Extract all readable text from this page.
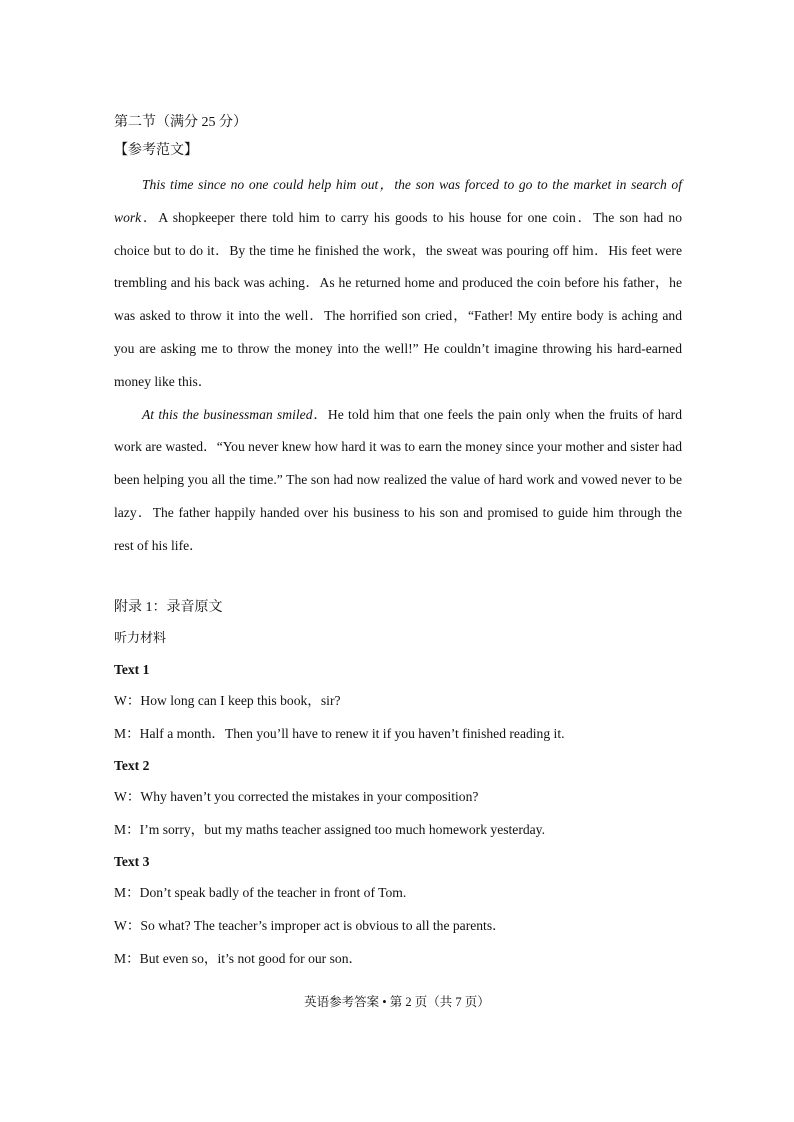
第二节（满分 25 分）
【参考范文】

This time since no one could help him out，the son was forced to go to the market in search of work．A shopkeeper there told him to carry his goods to his house for one coin．The son had no choice but to do it．By the time he finished the work，the sweat was pouring off him．His feet were trembling and his back was aching．As he returned home and produced the coin before his father，he was asked to throw it into the well．The horrified son cried，“Father! My entire body is aching and you are asking me to throw the money into the well!” He couldn’t imagine throwing his hard-earned money like this．

At this the businessman smiled．He told him that one feels the pain only when the fruits of hard work are wasted．“You never knew how hard it was to earn the money since your mother and sister had been helping you all the time.” The son had now realized the value of hard work and vowed never to be lazy．The father happily handed over his business to his son and promised to guide him through the rest of his life．

附录 1：录音原文
听力材料
Text 1
W：How long can I keep this book，sir?
M：Half a month．Then you’ll have to renew it if you haven’t finished reading it.
Text 2
W：Why haven’t you corrected the mistakes in your composition?
M：I’m sorry，but my maths teacher assigned too much homework yesterday.
Text 3
M：Don’t speak badly of the teacher in front of Tom.
W：So what? The teacher’s improper act is obvious to all the parents．
M：But even so，it’s not good for our son．
英语参考答案 • 第 2 页（共 7 页）
